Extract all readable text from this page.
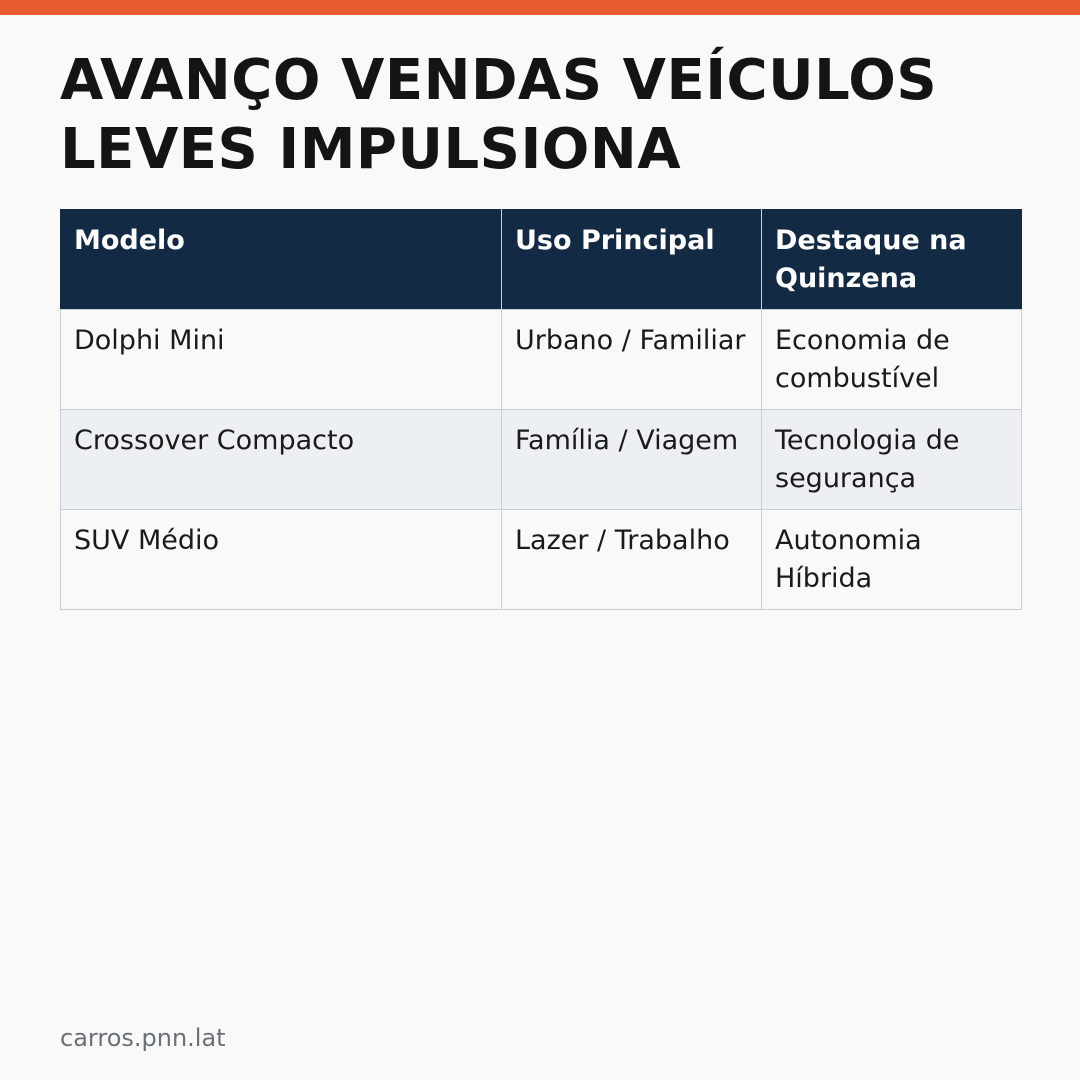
AVANÇO VENDAS VEÍCULOS LEVES IMPULSIONA
Modelo	Uso Principal	Destaque na Quinzena
Dolphi Mini	Urbano / Familiar	Economia de combustível
Crossover Compacto	Família / Viagem	Tecnologia de segurança
SUV Médio	Lazer / Trabalho	Autonomia Híbrida
carros.pnn.lat
